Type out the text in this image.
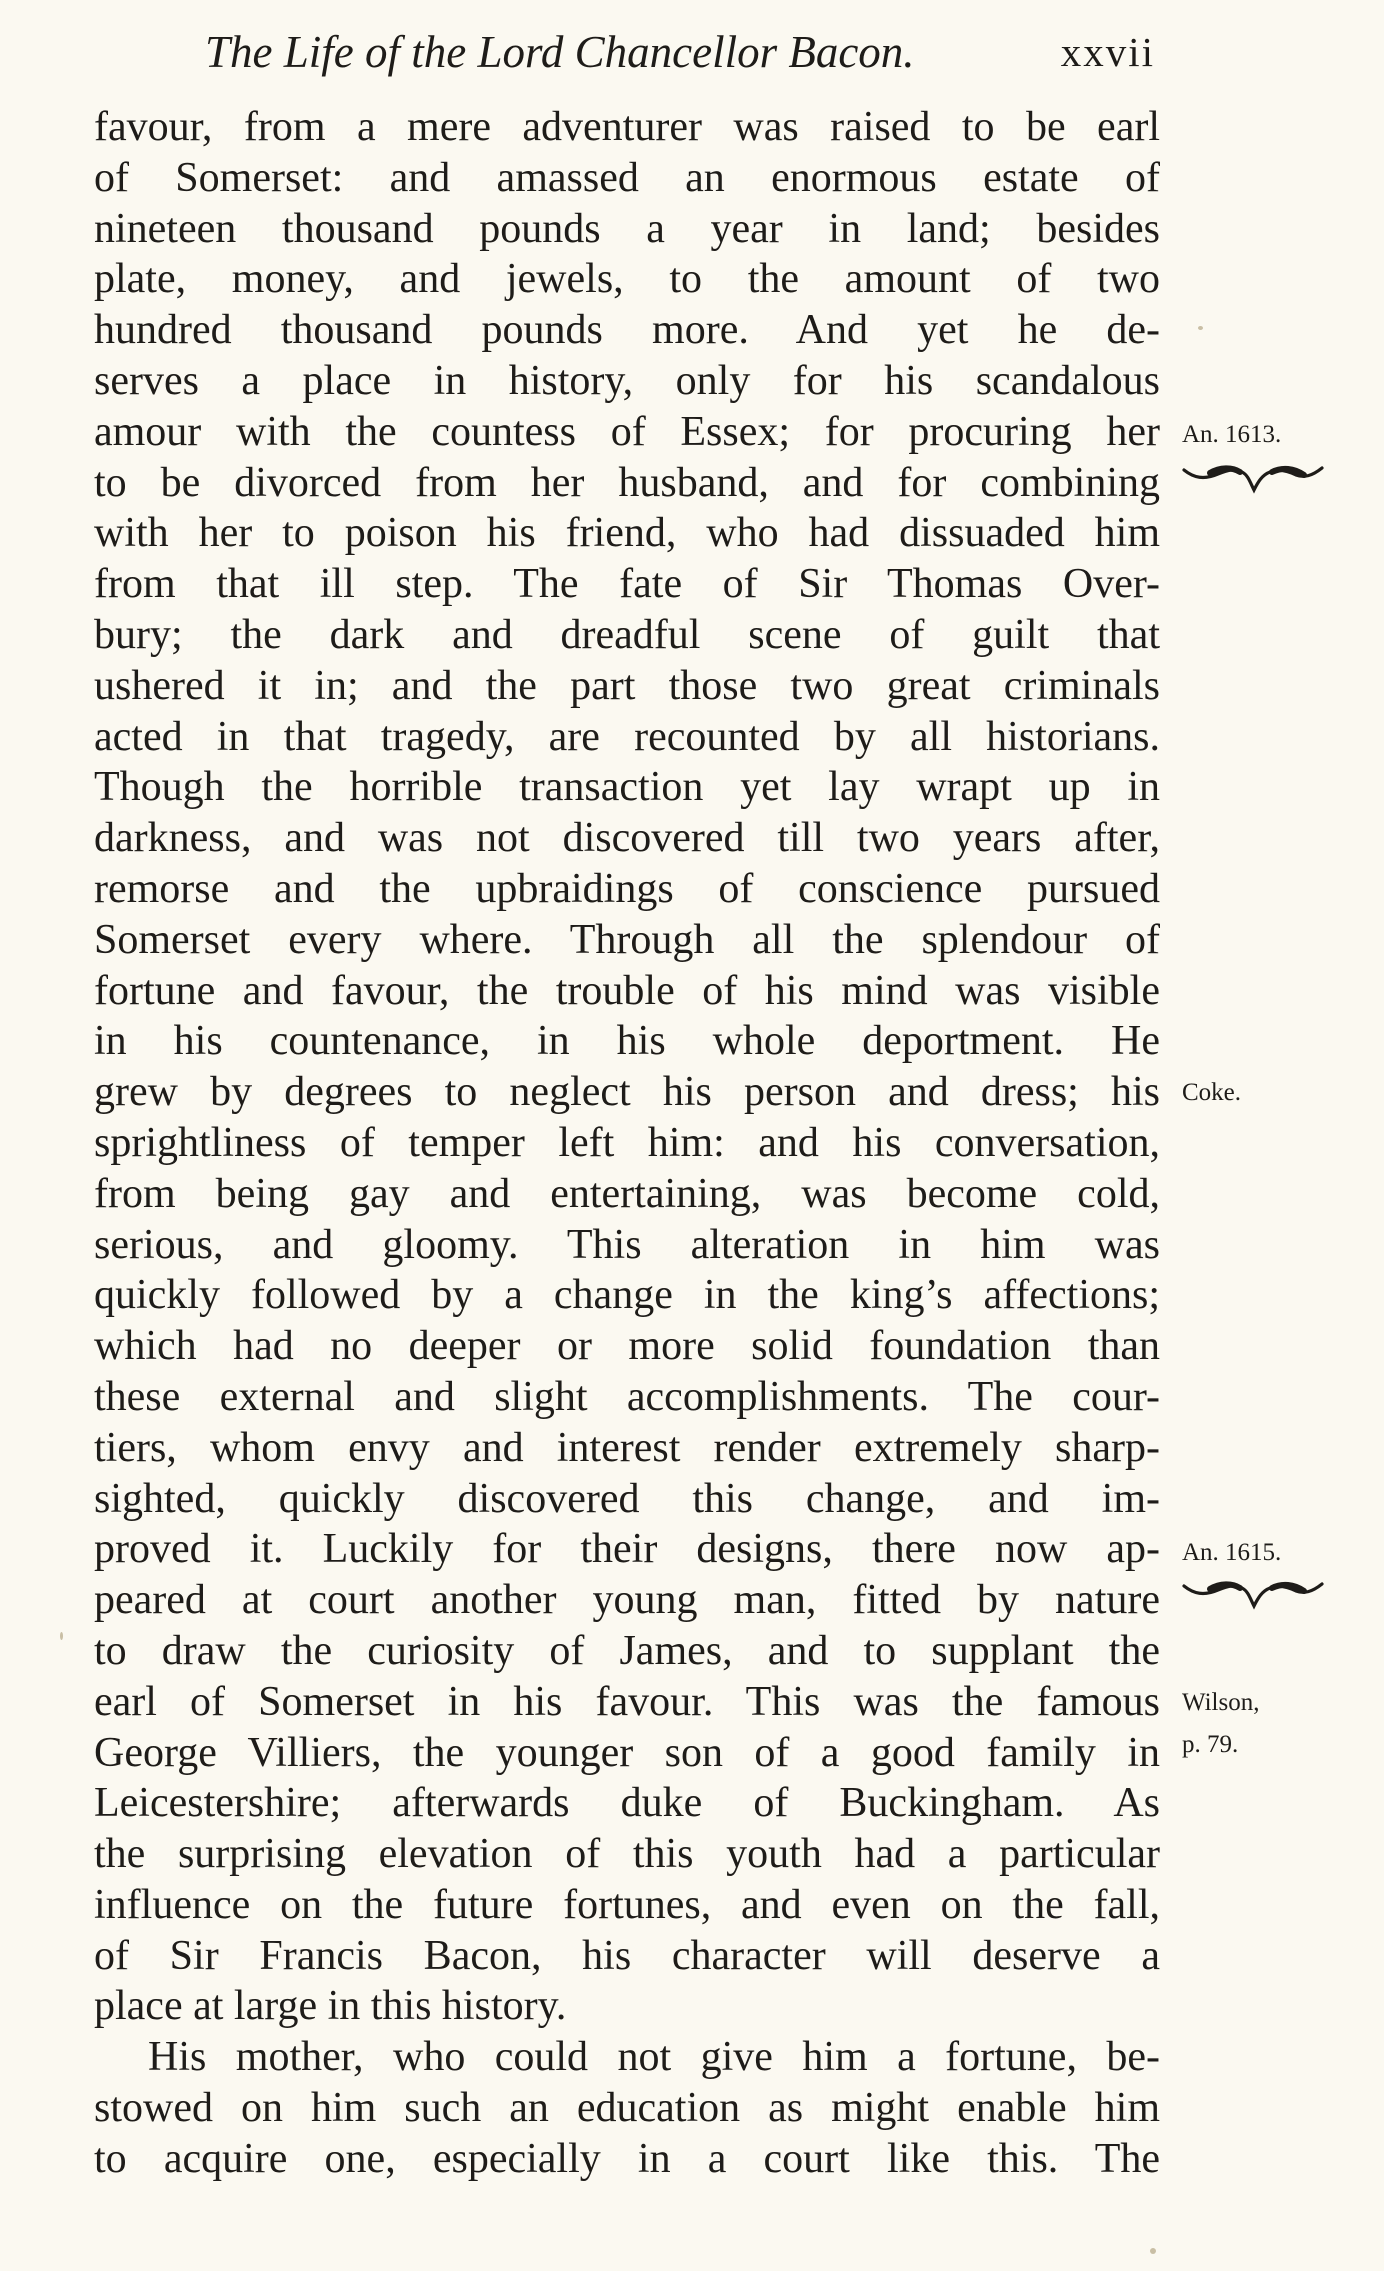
The Life of the Lord Chancellor Bacon.	xxvii
favour, from a mere adventurer was raised to be earl
of Somerset: and amassed an enormous estate of
nineteen thousand pounds a year in land; besides
plate, money, and jewels, to the amount of two
hundred thousand pounds more. And yet he de-
serves a place in history, only for his scandalous
amour with the countess of Essex; for procuring her
to be divorced from her husband, and for combining
with her to poison his friend, who had dissuaded him
from that ill step. The fate of Sir Thomas Over-
bury; the dark and dreadful scene of guilt that
ushered it in; and the part those two great criminals
acted in that tragedy, are recounted by all historians.
Though the horrible transaction yet lay wrapt up in
darkness, and was not discovered till two years after,
remorse and the upbraidings of conscience pursued
Somerset every where. Through all the splendour of
fortune and favour, the trouble of his mind was visible
in his countenance, in his whole deportment. He
grew by degrees to neglect his person and dress; his
sprightliness of temper left him: and his conversation,
from being gay and entertaining, was become cold,
serious, and gloomy. This alteration in him was
quickly followed by a change in the king’s affections;
which had no deeper or more solid foundation than
these external and slight accomplishments. The cour-
tiers, whom envy and interest render extremely sharp-
sighted, quickly discovered this change, and im-
proved it. Luckily for their designs, there now ap-
peared at court another young man, fitted by nature
to draw the curiosity of James, and to supplant the
earl of Somerset in his favour. This was the famous
George Villiers, the younger son of a good family in
Leicestershire; afterwards duke of Buckingham. As
the surprising elevation of this youth had a particular
influence on the future fortunes, and even on the fall,
of Sir Francis Bacon, his character will deserve a
place at large in this history.
His mother, who could not give him a fortune, be-
stowed on him such an education as might enable him
to acquire one, especially in a court like this. The
An. 1613.
Coke.
An. 1615.
Wilson,
p. 79.
